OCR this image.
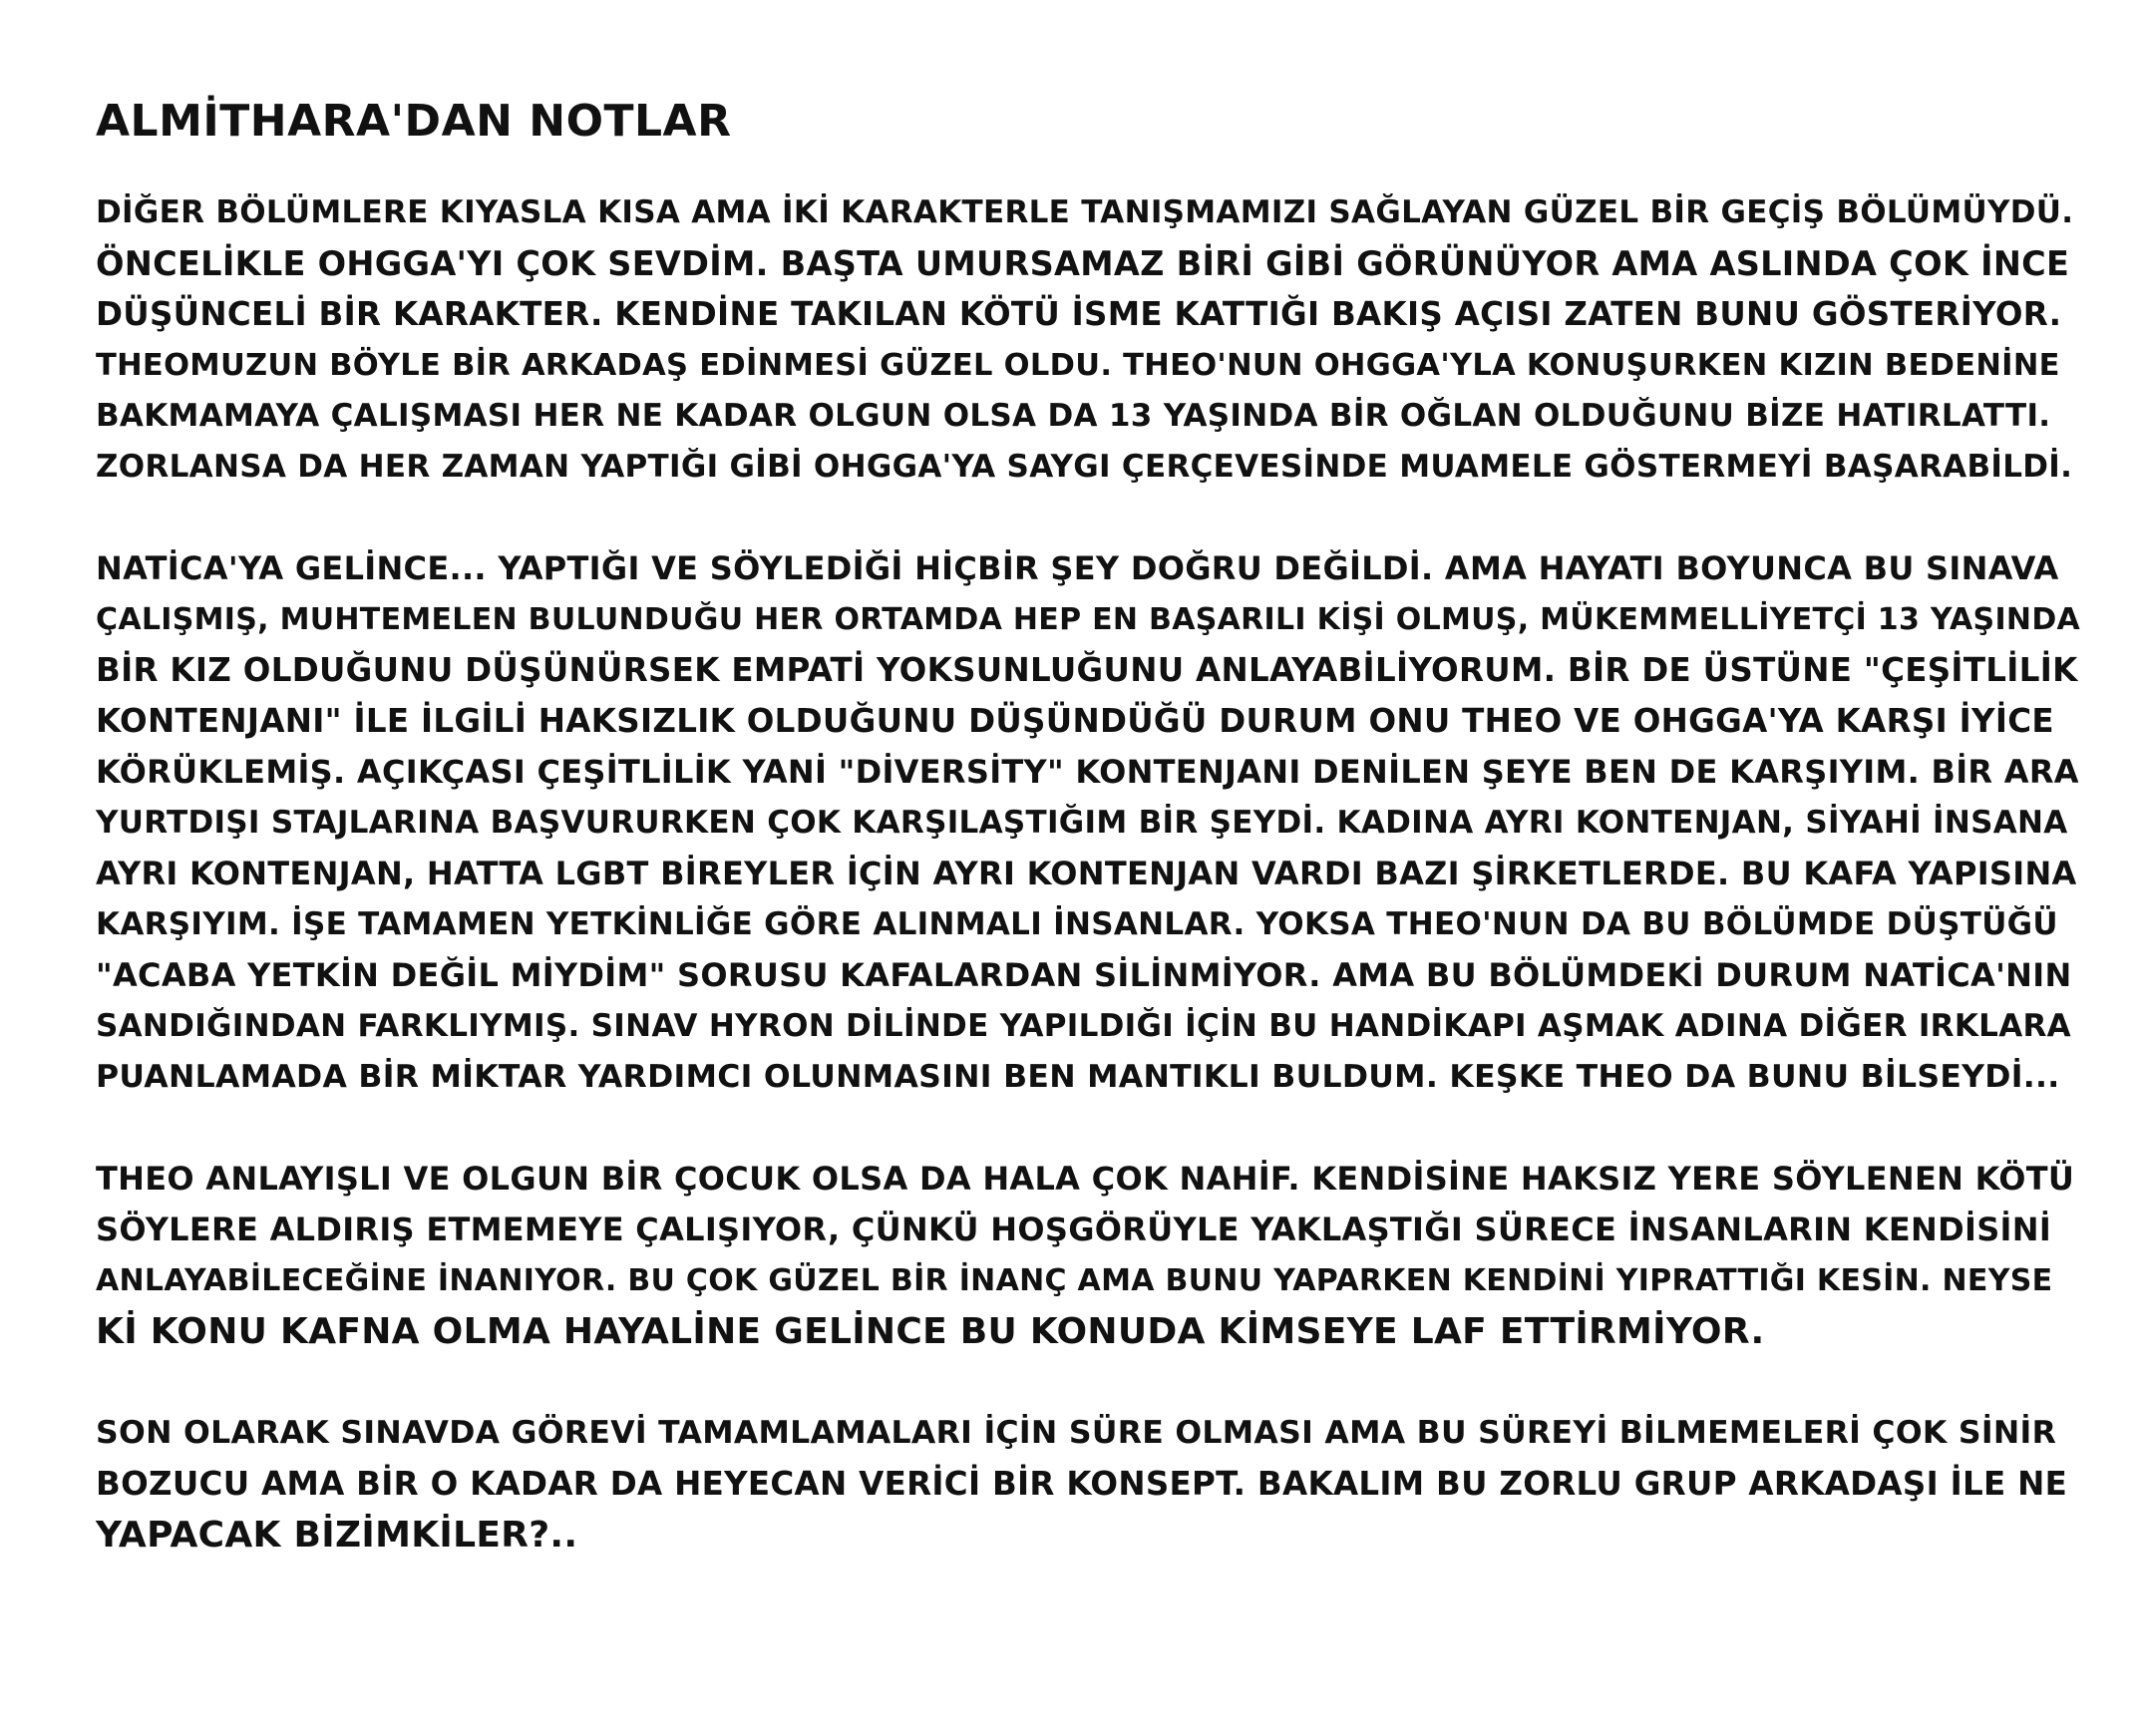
ALMİTHARA'DAN NOTLAR
DİĞER BÖLÜMLERE KIYASLA KISA AMA İKİ KARAKTERLE TANIŞMAMIZI SAĞLAYAN GÜZEL BİR GEÇİŞ BÖLÜMÜYDÜ.
ÖNCELİKLE OHGGA'YI ÇOK SEVDİM. BAŞTA UMURSAMAZ BİRİ GİBİ GÖRÜNÜYOR AMA ASLINDA ÇOK İNCE
DÜŞÜNCELİ BİR KARAKTER. KENDİNE TAKILAN KÖTÜ İSME KATTIĞI BAKIŞ AÇISI ZATEN BUNU GÖSTERİYOR.
THEOMUZUN BÖYLE BİR ARKADAŞ EDİNMESİ GÜZEL OLDU. THEO'NUN OHGGA'YLA KONUŞURKEN KIZIN BEDENİNE
BAKMAMAYA ÇALIŞMASI HER NE KADAR OLGUN OLSA DA 13 YAŞINDA BİR OĞLAN OLDUĞUNU BİZE HATIRLATTI.
ZORLANSA DA HER ZAMAN YAPTIĞI GİBİ OHGGA'YA SAYGI ÇERÇEVESİNDE MUAMELE GÖSTERMEYİ BAŞARABİLDİ.
NATİCA'YA GELİNCE... YAPTIĞI VE SÖYLEDİĞİ HİÇBİR ŞEY DOĞRU DEĞİLDİ. AMA HAYATI BOYUNCA BU SINAVA
ÇALIŞMIŞ, MUHTEMELEN BULUNDUĞU HER ORTAMDA HEP EN BAŞARILI KİŞİ OLMUŞ, MÜKEMMELLİYETÇİ 13 YAŞINDA
BİR KIZ OLDUĞUNU DÜŞÜNÜRSEK EMPATİ YOKSUNLUĞUNU ANLAYABİLİYORUM. BİR DE ÜSTÜNE "ÇEŞİTLİLİK
KONTENJANI" İLE İLGİLİ HAKSIZLIK OLDUĞUNU DÜŞÜNDÜĞÜ DURUM ONU THEO VE OHGGA'YA KARŞI İYİCE
KÖRÜKLEMİŞ. AÇIKÇASI ÇEŞİTLİLİK YANİ "DİVERSİTY" KONTENJANI DENİLEN ŞEYE BEN DE KARŞIYIM. BİR ARA
YURTDIŞI STAJLARINA BAŞVURURKEN ÇOK KARŞILAŞTIĞIM BİR ŞEYDİ. KADINA AYRI KONTENJAN, SİYAHİ İNSANA
AYRI KONTENJAN, HATTA LGBT BİREYLER İÇİN AYRI KONTENJAN VARDI BAZI ŞİRKETLERDE. BU KAFA YAPISINA
KARŞIYIM. İŞE TAMAMEN YETKİNLİĞE GÖRE ALINMALI İNSANLAR. YOKSA THEO'NUN DA BU BÖLÜMDE DÜŞTÜĞÜ
"ACABA YETKİN DEĞİL MİYDİM" SORUSU KAFALARDAN SİLİNMİYOR. AMA BU BÖLÜMDEKİ DURUM NATİCA'NIN
SANDIĞINDAN FARKLIYMIŞ. SINAV HYRON DİLİNDE YAPILDIĞI İÇİN BU HANDİKAPI AŞMAK ADINA DİĞER IRKLARA
PUANLAMADA BİR MİKTAR YARDIMCI OLUNMASINI BEN MANTIKLI BULDUM. KEŞKE THEO DA BUNU BİLSEYDİ...
THEO ANLAYIŞLI VE OLGUN BİR ÇOCUK OLSA DA HALA ÇOK NAHİF. KENDİSİNE HAKSIZ YERE SÖYLENEN KÖTÜ
SÖYLERE ALDIRIŞ ETMEMEYE ÇALIŞIYOR, ÇÜNKÜ HOŞGÖRÜYLE YAKLAŞTIĞI SÜRECE İNSANLARIN KENDİSİNİ
ANLAYABİLECEĞİNE İNANIYOR. BU ÇOK GÜZEL BİR İNANÇ AMA BUNU YAPARKEN KENDİNİ YIPRATTIĞI KESİN. NEYSE
Kİ KONU KAFNA OLMA HAYALİNE GELİNCE BU KONUDA KİMSEYE LAF ETTİRMİYOR.
SON OLARAK SINAVDA GÖREVİ TAMAMLAMALARI İÇİN SÜRE OLMASI AMA BU SÜREYİ BİLMEMELERİ ÇOK SİNİR
BOZUCU AMA BİR O KADAR DA HEYECAN VERİCİ BİR KONSEPT. BAKALIM BU ZORLU GRUP ARKADAŞI İLE NE
YAPACAK BİZİMKİLER?..
